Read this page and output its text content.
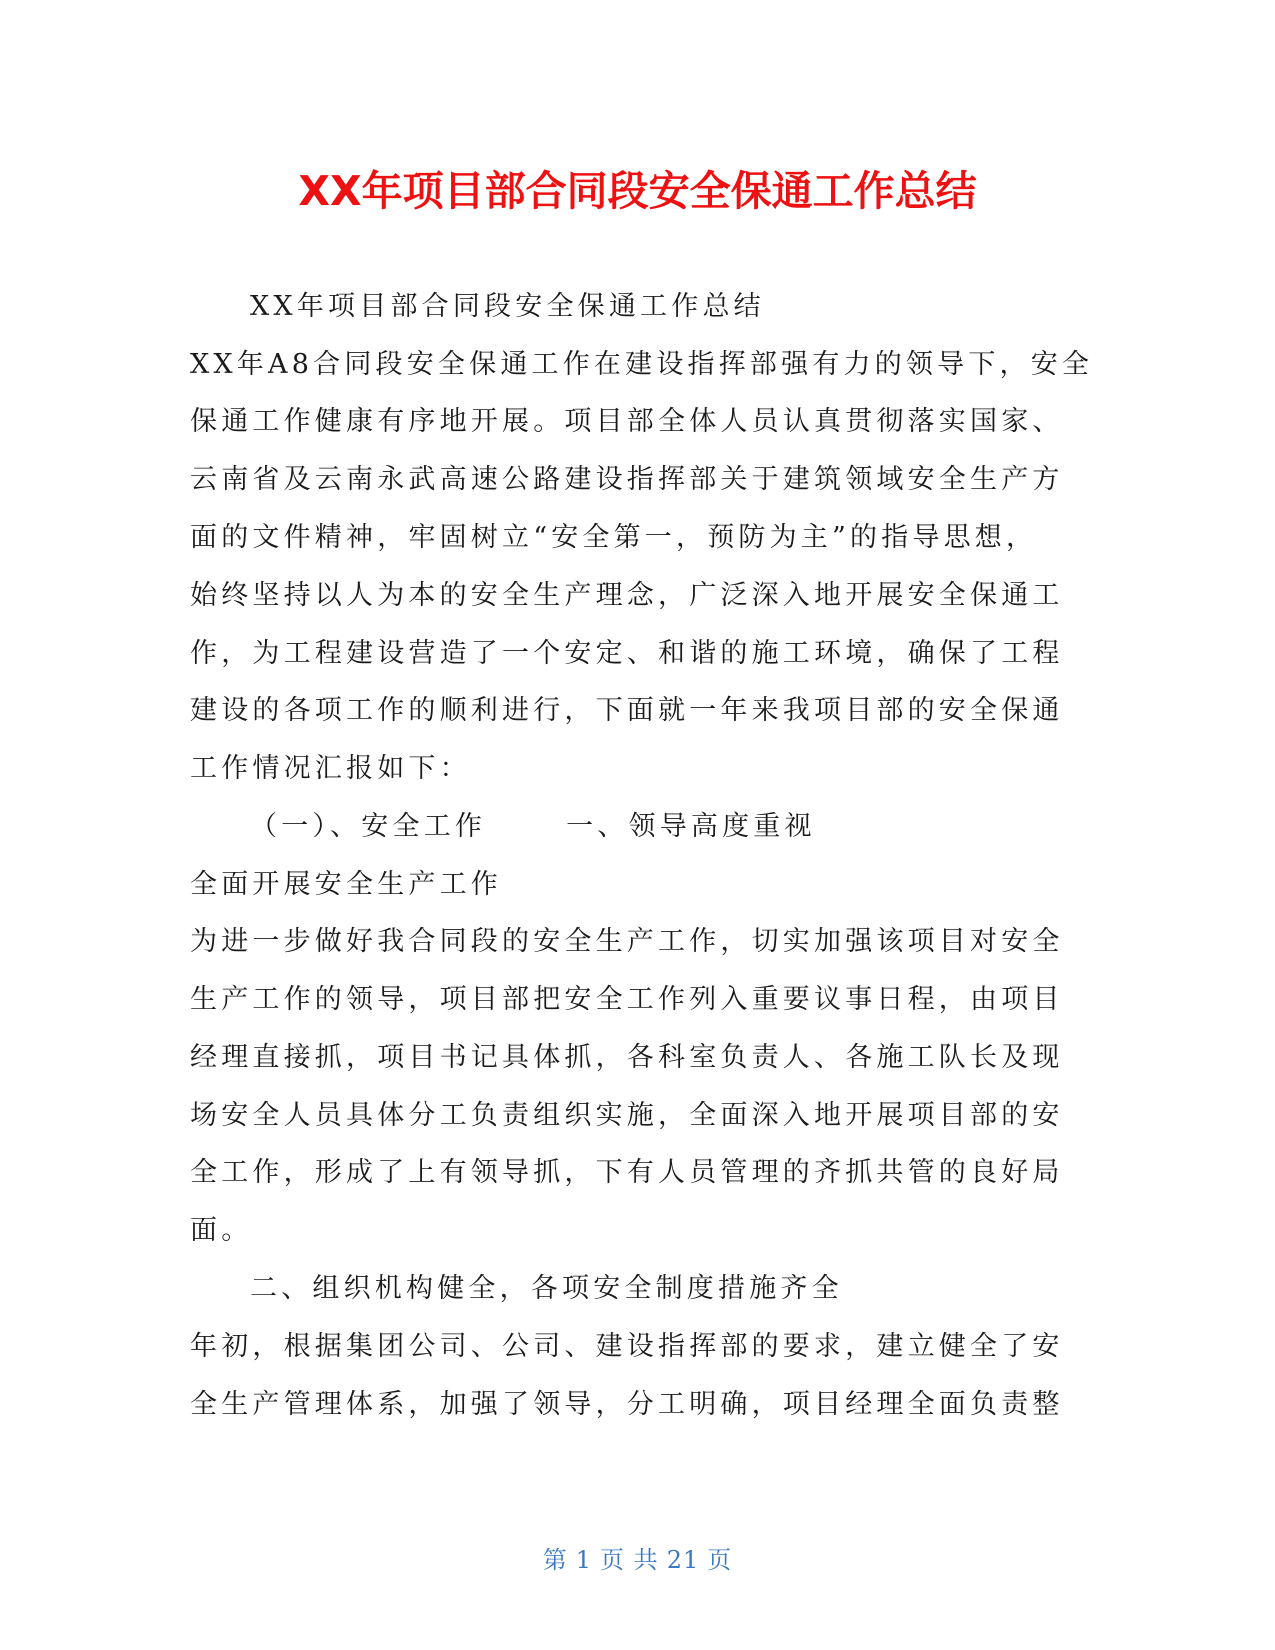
XX年项目部合同段安全保通工作总结
XX年项目部合同段安全保通工作总结
XX年A8合同段安全保通工作在建设指挥部强有力的领导下，安全
保通工作健康有序地开展。项目部全体人员认真贯彻落实国家、
云南省及云南永武高速公路建设指挥部关于建筑领域安全生产方
面的文件精神，牢固树立“安全第一，预防为主”的指导思想，
始终坚持以人为本的安全生产理念，广泛深入地开展安全保通工
作，为工程建设营造了一个安定、和谐的施工环境，确保了工程
建设的各项工作的顺利进行，下面就一年来我项目部的安全保通
工作情况汇报如下：
（一）、安全工作	一、领导高度重视
全面开展安全生产工作
为进一步做好我合同段的安全生产工作，切实加强该项目对安全
生产工作的领导，项目部把安全工作列入重要议事日程，由项目
经理直接抓，项目书记具体抓，各科室负责人、各施工队长及现
场安全人员具体分工负责组织实施，全面深入地开展项目部的安
全工作，形成了上有领导抓，下有人员管理的齐抓共管的良好局
面。
二、组织机构健全，各项安全制度措施齐全
年初，根据集团公司、公司、建设指挥部的要求，建立健全了安
全生产管理体系，加强了领导，分工明确，项目经理全面负责整
第 1 页 共 21 页
